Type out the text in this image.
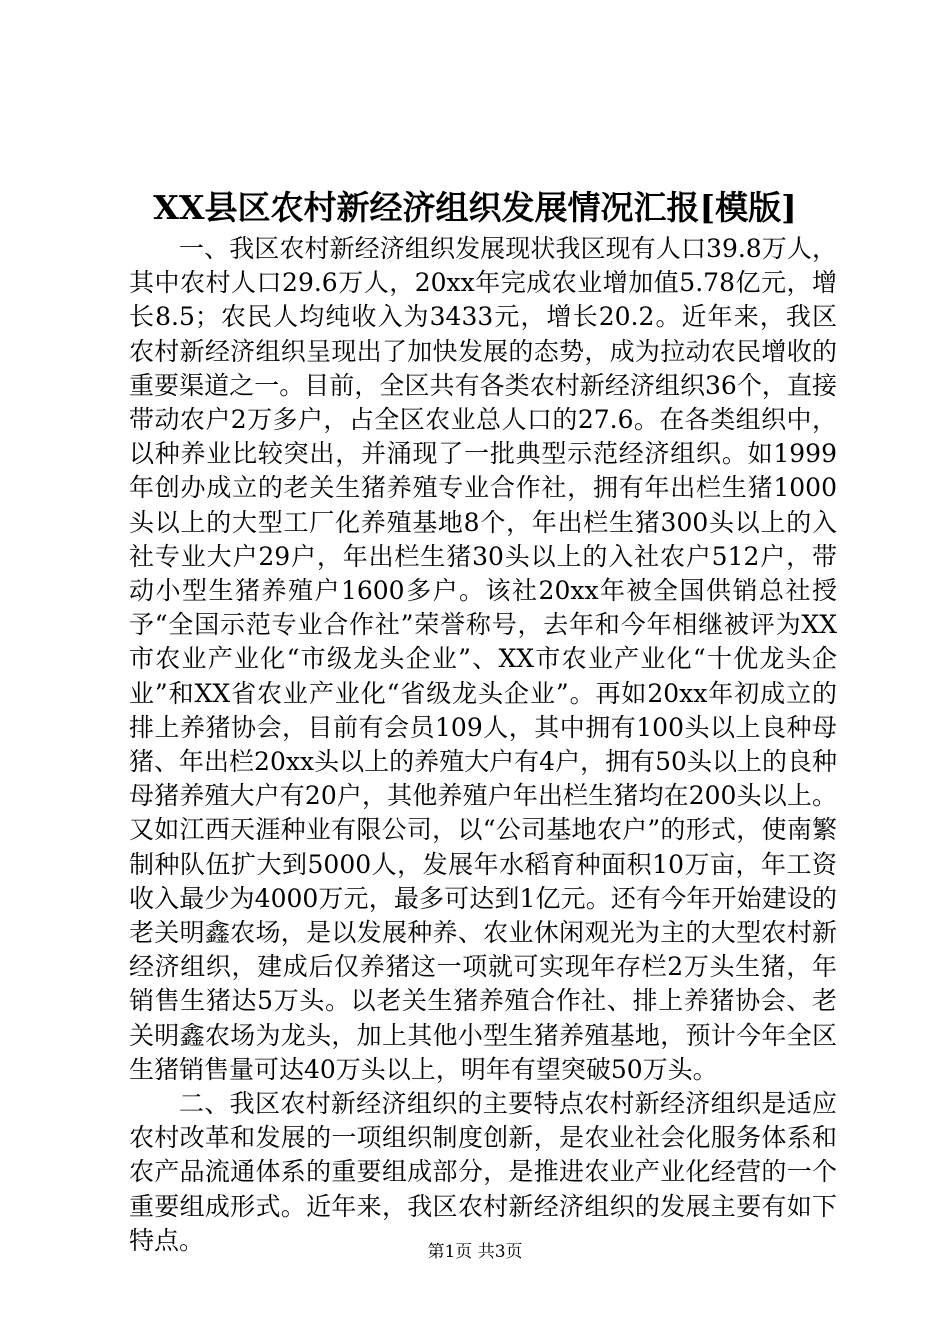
XX县区农村新经济组织发展情况汇报[模版]

一、我区农村新经济组织发展现状我区现有人口39.8万人，其中农村人口29.6万人，20xx年完成农业增加值5.78亿元，增长8.5；农民人均纯收入为3433元，增长20.2。近年来，我区农村新经济组织呈现出了加快发展的态势，成为拉动农民增收的重要渠道之一。目前，全区共有各类农村新经济组织36个，直接带动农户2万多户，占全区农业总人口的27.6。在各类组织中，以种养业比较突出，并涌现了一批典型示范经济组织。如1999年创办成立的老关生猪养殖专业合作社，拥有年出栏生猪1000头以上的大型工厂化养殖基地8个，年出栏生猪300头以上的入社专业大户29户，年出栏生猪30头以上的入社农户512户，带动小型生猪养殖户1600多户。该社20xx年被全国供销总社授予“全国示范专业合作社”荣誉称号，去年和今年相继被评为XX市农业产业化“市级龙头企业”、XX市农业产业化“十优龙头企业”和XX省农业产业化“省级龙头企业”。再如20xx年初成立的排上养猪协会，目前有会员109人，其中拥有100头以上良种母猪、年出栏20xx头以上的养殖大户有4户，拥有50头以上的良种母猪养殖大户有20户，其他养殖户年出栏生猪均在200头以上。又如江西天涯种业有限公司，以“公司基地农户”的形式，使南繁制种队伍扩大到5000人，发展年水稻育种面积10万亩，年工资收入最少为4000万元，最多可达到1亿元。还有今年开始建设的老关明鑫农场，是以发展种养、农业休闲观光为主的大型农村新经济组织，建成后仅养猪这一项就可实现年存栏2万头生猪，年销售生猪达5万头。以老关生猪养殖合作社、排上养猪协会、老关明鑫农场为龙头，加上其他小型生猪养殖基地，预计今年全区生猪销售量可达40万头以上，明年有望突破50万头。

二、我区农村新经济组织的主要特点农村新经济组织是适应农村改革和发展的一项组织制度创新，是农业社会化服务体系和农产品流通体系的重要组成部分，是推进农业产业化经营的一个重要组成形式。近年来，我区农村新经济组织的发展主要有如下特点。	第1页 共3页
